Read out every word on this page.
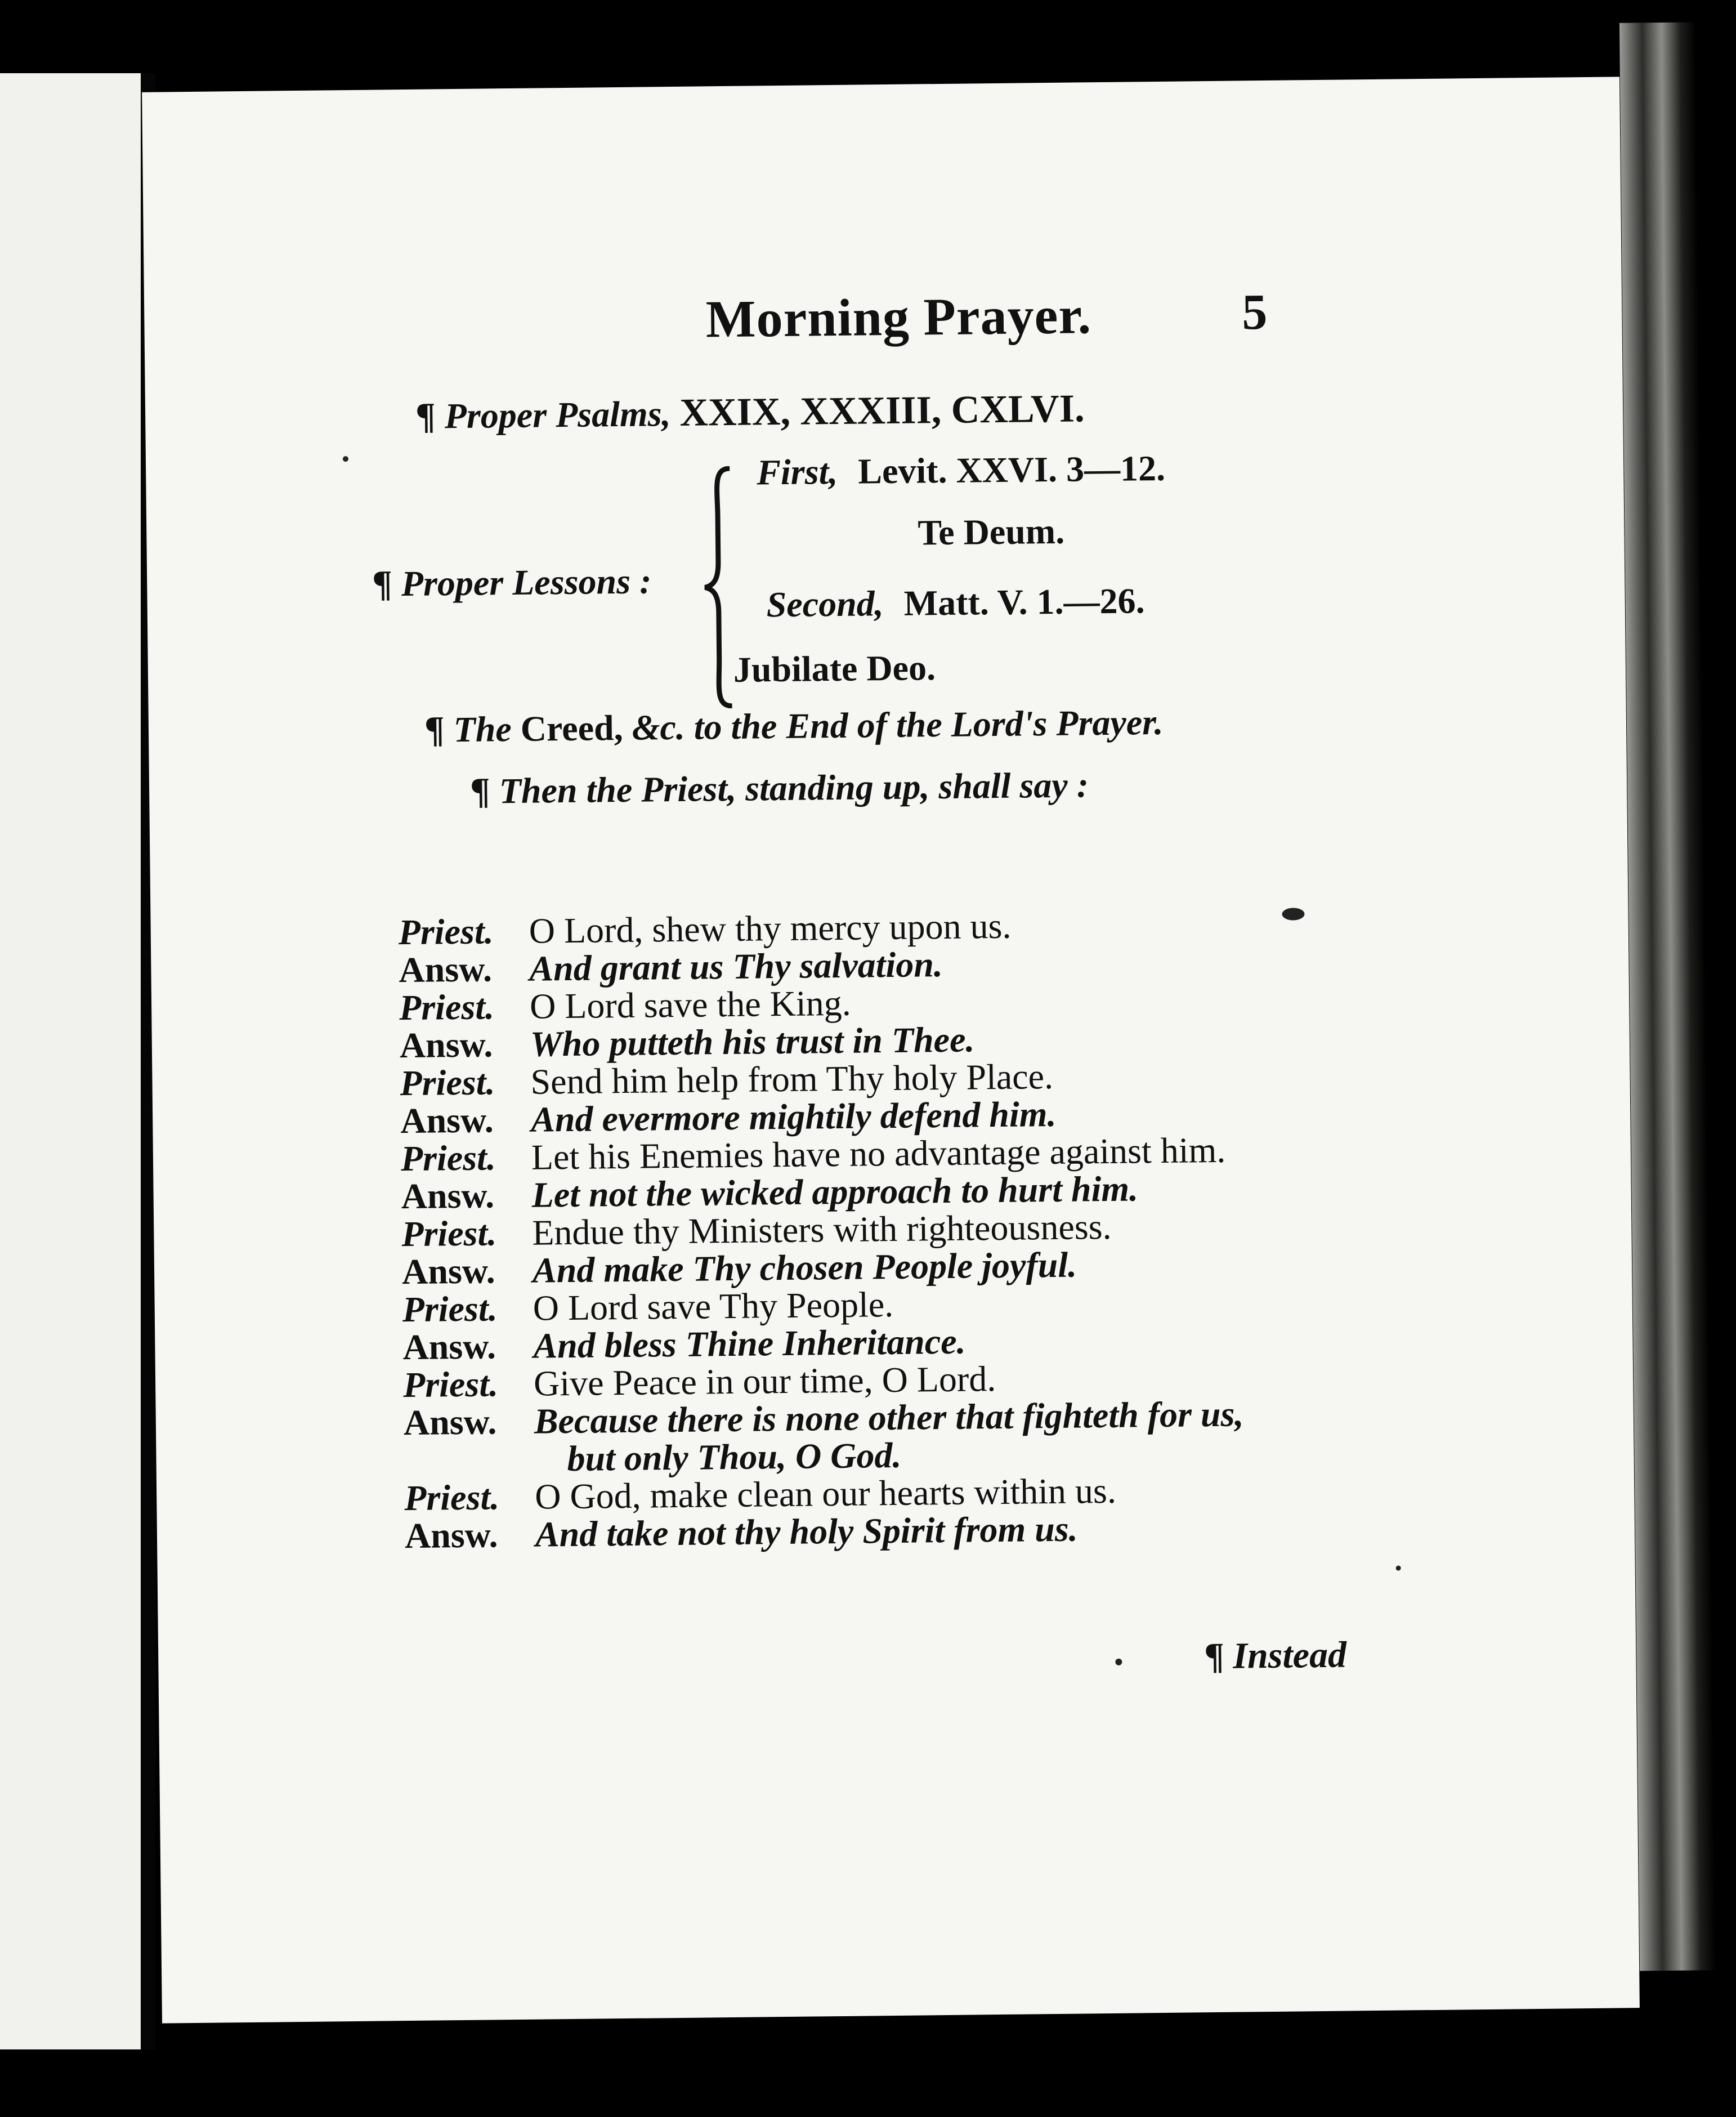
Morning Prayer.	5
¶ Proper Psalms, XXIX, XXXIII, CXLVI.
First, Levit. XXVI. 3—12.
¶ Proper Lessons :
Te Deum.
Second, Matt. V. 1.—26.
Jubilate Deo.
¶ The Creed, &c. to the End of the Lord's Prayer.
¶ Then the Priest, standing up, shall say :
Priest. O Lord, shew thy mercy upon us.
Answ.	And grant us Thy salvation.
Priest. O Lord save the King.
Answ.	Who putteth his trust in Thee.
Priest. Send him help from Thy holy Place.
Answ.	And evermore mightily defend him.
Priest. Let his Enemies have no advantage against him.
Answ.	Let not the wicked approach to hurt him.
Priest. Endue thy Ministers with righteousness.
Answ.	And make Thy chosen People joyful.
Priest. O Lord save Thy People.
Answ.	And bless Thine Inheritance.
Priest. Give Peace in our time, O Lord.
Answ.	Because there is none other that fighteth for us,
but only Thou, O God.
Priest. O God, make clean our hearts within us.
Answ.	And take not thy holy Spirit from us.
¶ Instead
